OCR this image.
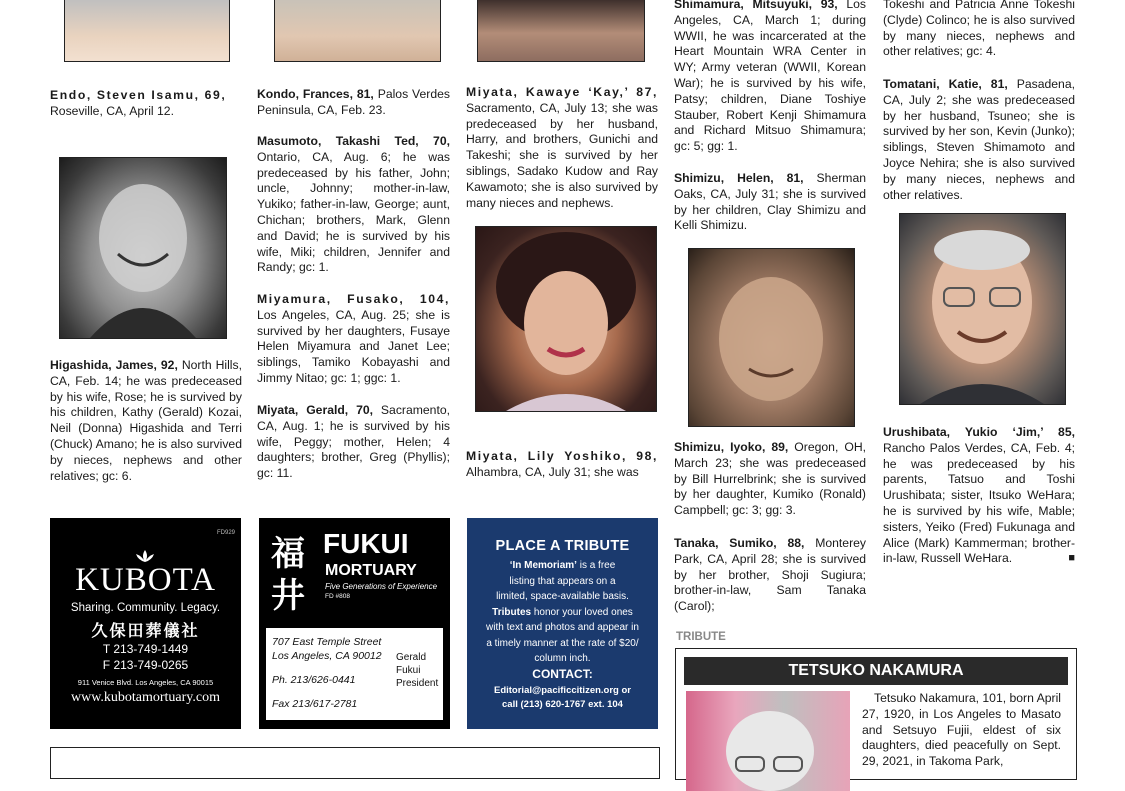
Endo, Steven Isamu, 69,
Roseville, CA, April 12.

Higashida, James, 92, North Hills, CA, Feb. 14; he was predeceased by his wife, Rose; he is survived by his children, Kathy (Gerald) Kozai, Neil (Donna) Higashida and Terri (Chuck) Amano; he is also survived by nieces, nephews and other relatives; gc: 6.

Kondo, Frances, 81, Palos Verdes Peninsula, CA, Feb. 23.

Masumoto, Takashi Ted, 70, Ontario, CA, Aug. 6; he was predeceased by his father, John; uncle, Johnny; mother-in-law, Yukiko; father-in-law, George; aunt, Chichan; brothers, Mark, Glenn and David; he is survived by his wife, Miki; children, Jennifer and Randy; gc: 1.

Miyamura, Fusako, 104, Los Angeles, CA, Aug. 25; she is survived by her daughters, Fusaye Helen Miyamura and Janet Lee; siblings, Tamiko Kobayashi and Jimmy Nitao; gc: 1; ggc: 1.

Miyata, Gerald, 70, Sacramento, CA, Aug. 1; he is survived by his wife, Peggy; mother, Helen; 4 daughters; brother, Greg (Phyllis); gc: 11.

Miyata, Kawaye ‘Kay,’ 87, Sacramento, CA, July 13; she was predeceased by her husband, Harry, and brothers, Gunichi and Takeshi; she is survived by her siblings, Sadako Kudow and Ray Kawamoto; she is also survived by many nieces and nephews.

Miyata, Lily Yoshiko, 98, Alhambra, CA, July 31; she was

Shimamura, Mitsuyuki, 93, Los Angeles, CA, March 1; during WWII, he was incarcerated at the Heart Mountain WRA Center in WY; Army veteran (WWII, Korean War); he is survived by his wife, Patsy; children, Diane Toshiye Stauber, Robert Kenji Shimamura and Richard Mitsuo Shimamura; gc: 5; gg: 1.

Shimizu, Helen, 81, Sherman Oaks, CA, July 31; she is survived by her children, Clay Shimizu and Kelli Shimizu.

Shimizu, Iyoko, 89, Oregon, OH, March 23; she was predeceased by Bill Hurrelbrink; she is survived by her daughter, Kumiko (Ronald) Campbell; gc: 3; gg: 3.

Tanaka, Sumiko, 88, Monterey Park, CA, April 28; she is survived by her brother, Shoji Sugiura; brother-in-law, Sam Tanaka (Carol);

Tokeshi and Patricia Anne Tokeshi (Clyde) Colinco; he is also survived by many nieces, nephews and other relatives; gc: 4.

Tomatani, Katie, 81, Pasadena, CA, July 2; she was predeceased by her husband, Tsuneo; she is survived by her son, Kevin (Junko); siblings, Steven Shimamoto and Joyce Nehira; she is also survived by many nieces, nephews and other relatives.

Urushibata, Yukio ‘Jim,’ 85, Rancho Palos Verdes, CA, Feb. 4; he was predeceased by his parents, Tatsuo and Toshi Urushibata; sister, Itsuko WeHara; he is survived by his wife, Mable; sisters, Yeiko (Fred) Fukunaga and Alice (Mark) Kammerman; brother-in-law, Russell WeHara.	■

FD929
KUBOTA
Sharing. Community. Legacy.
久保田葬儀社
T 213-749-1449
F 213-749-0265
911 Venice Blvd. Los Angeles, CA 90015
www.kubotamortuary.com
福
井
FUKUI
MORTUARY
Five Generations of Experience
FD #808
707 East Temple Street
Los Angeles, CA 90012
Ph. 213/626-0441
Fax 213/617-2781
Gerald
Fukui
President
PLACE A TRIBUTE
‘In Memoriam’ is a free
listing that appears on a
limited, space-available basis.
Tributes honor your loved ones
with text and photos and appear in
a timely manner at the rate of $20/
column inch.
CONTACT:
Editorial@pacificcitizen.org or
call (213) 620-1767 ext. 104
TRIBUTE
TETSUKO NAKAMURA

Tetsuko Nakamura, 101, born April 27, 1920, in Los Angeles to Masato and Setsuyo Fujii, eldest of six daughters, died peacefully on Sept. 29, 2021, in Takoma Park,
